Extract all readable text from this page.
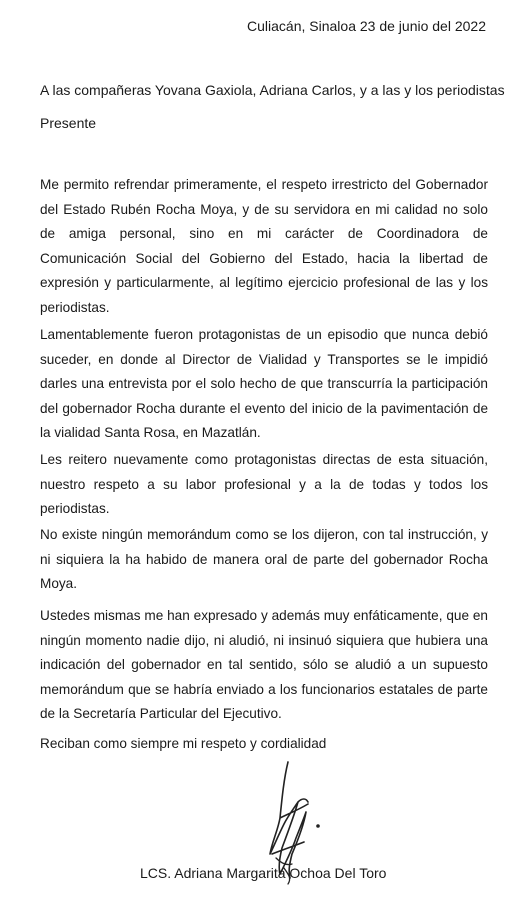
Culiacán, Sinaloa 23 de junio del 2022
A las compañeras Yovana Gaxiola, Adriana Carlos, y a las y los periodistas
Presente

Me permito refrendar primeramente, el respeto irrestricto del Gobernador del Estado Rubén Rocha Moya, y de su servidora en mi calidad no solo de amiga personal, sino en mi carácter de Coordinadora de Comunicación Social del Gobierno del Estado, hacia la libertad de expresión y particularmente, al legítimo ejercicio profesional de las y los periodistas.

Lamentablemente fueron protagonistas de un episodio que nunca debió suceder, en donde al Director de Vialidad y Transportes se le impidió darles una entrevista por el solo hecho de que transcurría la participación del gobernador Rocha durante el evento del inicio de la pavimentación de la vialidad Santa Rosa, en Mazatlán.

Les reitero nuevamente como protagonistas directas de esta situación, nuestro respeto a su labor profesional y a la de todas y todos los periodistas.

No existe ningún memorándum como se los dijeron, con tal instrucción, y ni siquiera la ha habido de manera oral de parte del gobernador Rocha Moya.

Ustedes mismas me han expresado y además muy enfáticamente, que en ningún momento nadie dijo, ni aludió, ni insinuó siquiera que hubiera una indicación del gobernador en tal sentido, sólo se aludió a un supuesto memorándum que se habría enviado a los funcionarios estatales de parte de la Secretaría Particular del Ejecutivo.

Reciban como siempre mi respeto y cordialidad
LCS. Adriana Margarita Ochoa Del Toro
